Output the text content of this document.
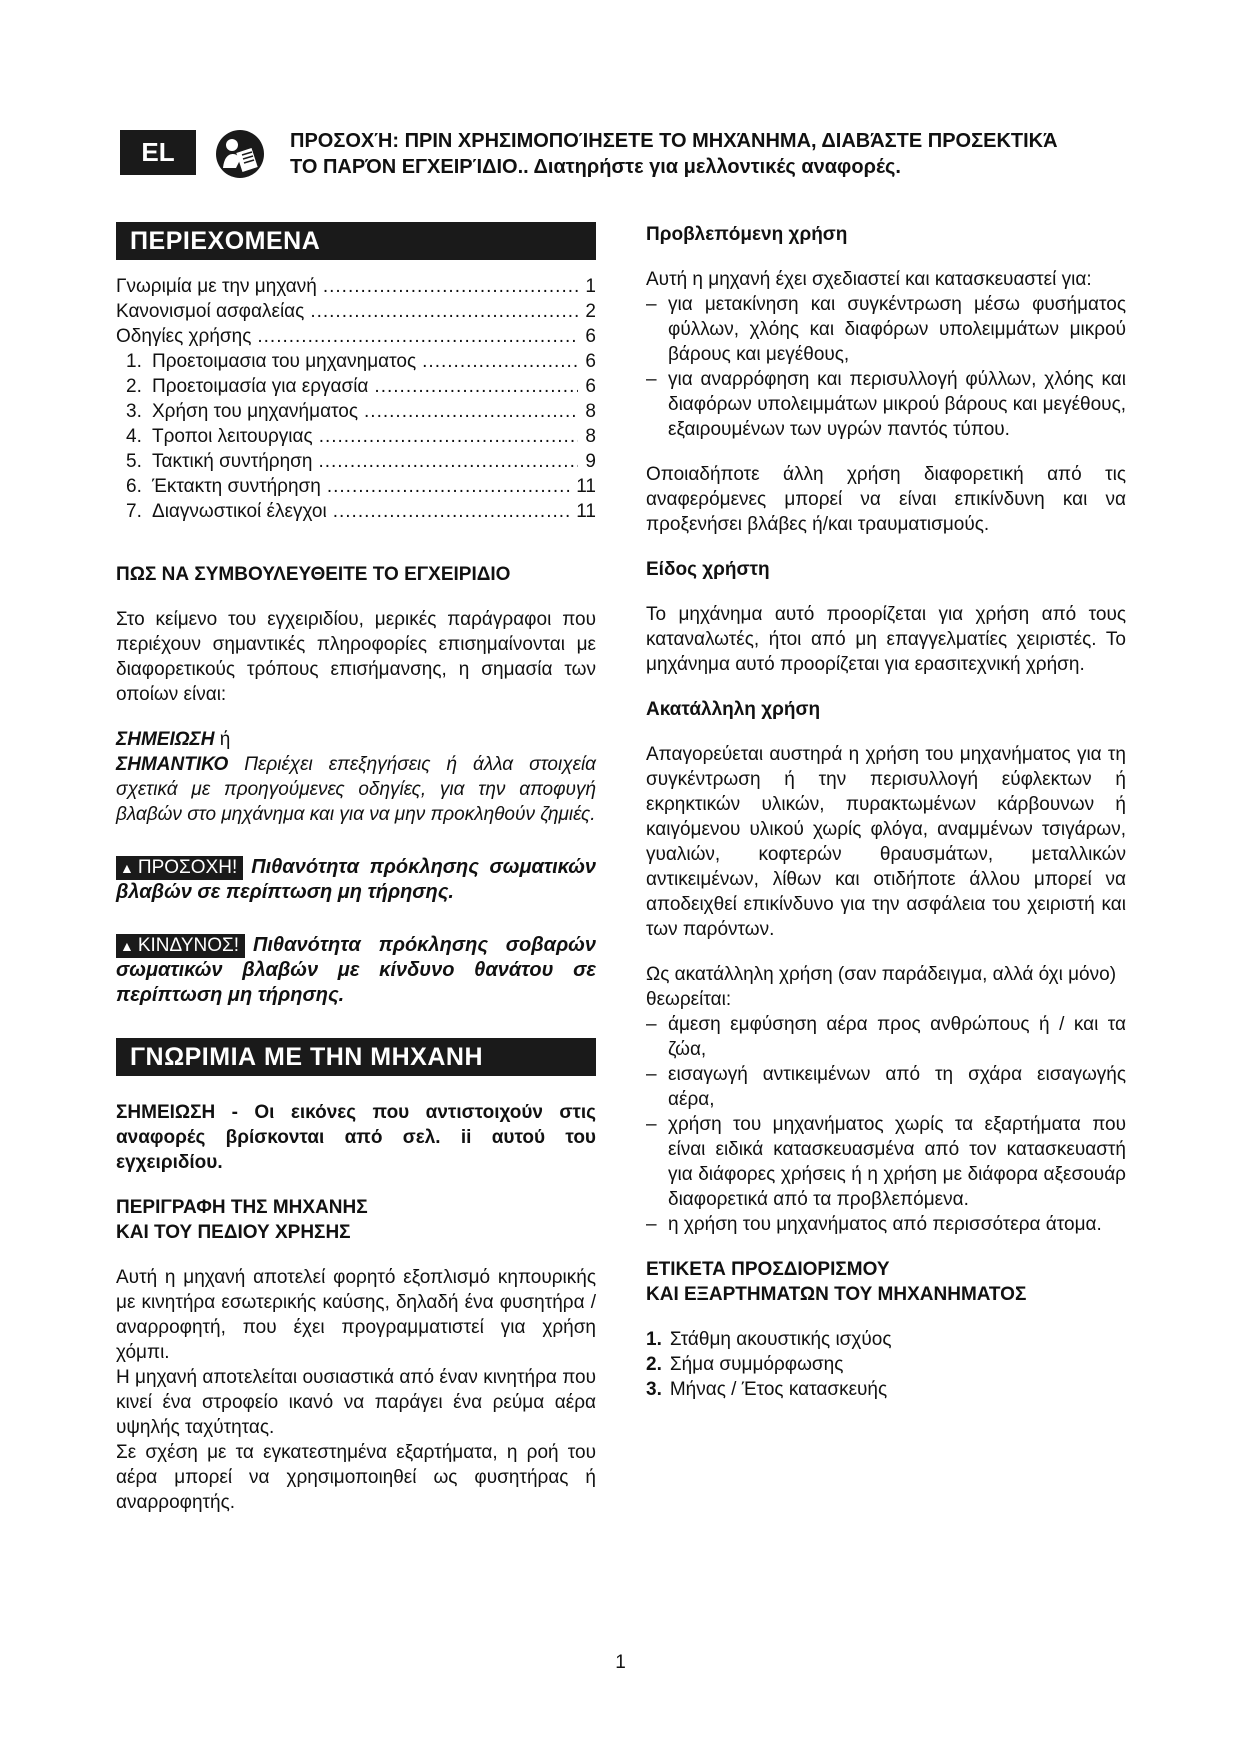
EL	ΠΡΟΣΟΧΉ: ΠΡΙΝ ΧΡΗΣΙΜΟΠΟΊΗΣΕΤΕ ΤΟ ΜΗΧΆΝΗΜΑ, ΔΙΑΒΆΣΤΕ ΠΡΟΣΕΚΤΙΚΆ
ΤΟ ΠΑΡΌΝ ΕΓΧΕΙΡΊΔΙΟ.. Διατηρήστε για μελλοντικές αναφορές.
ΠΕΡΙΕΧΟΜΕΝΑ
Γνωριμία με την μηχανή .....	1
Κανονισμοί ασφαλείας .....	2
Οδηγίες χρήσης .....	6
1. Προετοιμασια του μηχανηματος .....	6
2. Προετοιμασία για εργασία .....	6
3. Χρήση του μηχανήματος .....	8
4. Τροποι λειτουργιας .....	8
5. Τακτική συντήρηση .....	9
6. Έκτακτη συντήρηση .....	11
7. Διαγνωστικοί έλεγχοι .....	11
ΠΩΣ ΝΑ ΣΥΜΒΟΥΛΕΥΘΕΙΤΕ ΤΟ ΕΓΧΕΙΡΙΔΙΟ

Στο κείμενο του εγχειριδίου, μερικές παράγραφοι που περιέχουν σημαντικές πληροφορίες επισημαίνονται με διαφορετικούς τρόπους επισήμανσης, η σημασία των οποίων είναι:

ΣΗΜΕΙΩΣΗ ή
ΣΗΜΑΝΤΙΚΟ Περιέχει επεξηγήσεις ή άλλα στοιχεία σχετικά με προηγούμενες οδηγίες, για την αποφυγή βλαβών στο μηχάνημα και για να μην προκληθούν ζημιές.
▲ ΠΡΟΣΟΧΗ! Πιθανότητα πρόκλησης σωματικών βλαβών σε περίπτωση μη τήρησης.
▲ ΚΙΝΔΥΝΟΣ! Πιθανότητα πρόκλησης σοβαρών σωματικών βλαβών με κίνδυνο θανάτου σε περίπτωση μη τήρησης.
ΓΝΩΡΙΜΙΑ ΜΕ ΤΗΝ ΜΗΧΑΝΗ
ΣΗΜΕΙΩΣΗ - Οι εικόνες που αντιστοιχούν στις αναφορές βρίσκονται από σελ. ii αυτού του εγχειριδίου.
ΠΕΡΙΓΡΑΦΗ ΤΗΣ ΜΗΧΑΝΗΣ
ΚΑΙ ΤΟΥ ΠΕΔΙΟΥ ΧΡΗΣΗΣ

Αυτή η μηχανή αποτελεί φορητό εξοπλισμό κηπουρικής με κινητήρα εσωτερικής καύσης, δηλαδή ένα φυσητήρα / αναρροφητή, που έχει προγραμματιστεί για χρήση χόμπι.

Η μηχανή αποτελείται ουσιαστικά από έναν κινητήρα που κινεί ένα στροφείο ικανό να παράγει ένα ρεύμα αέρα υψηλής ταχύτητας.

Σε σχέση με τα εγκατεστημένα εξαρτήματα, η ροή του αέρα μπορεί να χρησιμοποιηθεί ως φυσητήρας ή αναρροφητής.

Προβλεπόμενη χρήση

Αυτή η μηχανή έχει σχεδιαστεί και κατασκευαστεί για:

– για μετακίνηση και συγκέντρωση μέσω φυσήματος φύλλων, χλόης και διαφόρων υπολειμμάτων μικρού βάρους και μεγέθους,
– για αναρρόφηση και περισυλλογή φύλλων, χλόης και διαφόρων υπολειμμάτων μικρού βάρους και μεγέθους, εξαιρουμένων των υγρών παντός τύπου.

Οποιαδήποτε άλλη χρήση διαφορετική από τις αναφερόμενες μπορεί να είναι επικίνδυνη και να προξενήσει βλάβες ή/και τραυματισμούς.

Είδος χρήστη

Το μηχάνημα αυτό προορίζεται για χρήση από τους καταναλωτές, ήτοι από μη επαγγελματίες χειριστές. Το μηχάνημα αυτό προορίζεται για ερασιτεχνική χρήση.

Ακατάλληλη χρήση

Απαγορεύεται αυστηρά η χρήση του μηχανήματος για τη συγκέντρωση ή την περισυλλογή εύφλεκτων ή εκρηκτικών υλικών, πυρακτωμένων κάρβουνων ή καιγόμενου υλικού χωρίς φλόγα, αναμμένων τσιγάρων, γυαλιών, κοφτερών θραυσμάτων, μεταλλικών αντικειμένων, λίθων και οτιδήποτε άλλου μπορεί να αποδειχθεί επικίνδυνο για την ασφάλεια του χειριστή και των παρόντων.

Ως ακατάλληλη χρήση (σαν παράδειγμα, αλλά όχι μόνο) θεωρείται:

– άμεση εμφύσηση αέρα προς ανθρώπους ή / και τα ζώα,
– εισαγωγή αντικειμένων από τη σχάρα εισαγωγής αέρα,
– χρήση του μηχανήματος χωρίς τα εξαρτήματα που είναι ειδικά κατασκευασμένα από τον κατασκευαστή για διάφορες χρήσεις ή η χρήση με διάφορα αξεσουάρ διαφορετικά από τα προβλεπόμενα.
– η χρήση του μηχανήματος από περισσότερα άτομα.
ΕΤΙΚΕΤΑ ΠΡΟΣΔΙΟΡΙΣΜΟΥ
ΚΑΙ ΕΞΑΡΤΗΜΑΤΩΝ ΤΟΥ ΜΗΧΑΝΗΜΑΤΟΣ
1. Στάθμη ακουστικής ισχύος
2. Σήμα συμμόρφωσης
3. Μήνας / Έτος κατασκευής
1
